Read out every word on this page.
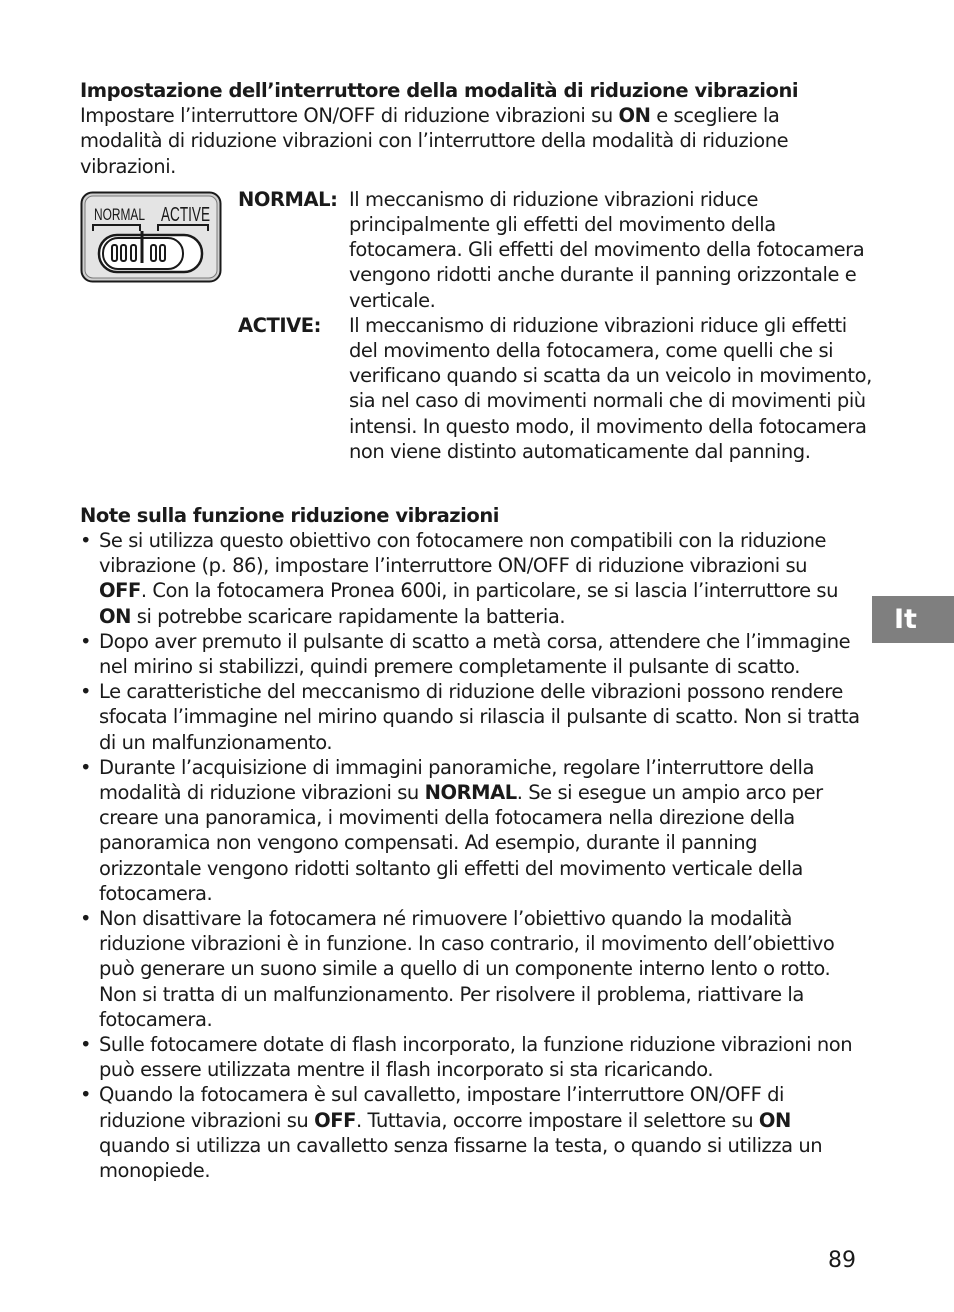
Impostazione dell’interruttore della modalità di riduzione vibrazioni

Impostare l’interruttore ON/OFF di riduzione vibrazioni su ON e scegliere la modalità di riduzione vibrazioni con l’interruttore della modalità di riduzione vibrazioni.

NORMAL ACTIVE
NORMAL: Il meccanismo di riduzione vibrazioni riduce principalmente gli effetti del movimento della fotocamera. Gli effetti del movimento della fotocamera vengono ridotti anche durante il panning orizzontale e verticale.
ACTIVE:	Il meccanismo di riduzione vibrazioni riduce gli effetti del movimento della fotocamera, come quelli che si verificano quando si scatta da un veicolo in movimento, sia nel caso di movimenti normali che di movimenti più intensi. In questo modo, il movimento della fotocamera non viene distinto automaticamente dal panning.

Note sulla funzione riduzione vibrazioni

• Se si utilizza questo obiettivo con fotocamere non compatibili con la riduzione vibrazione (p. 86), impostare l’interruttore ON/OFF di riduzione vibrazioni su OFF. Con la fotocamera Pronea 600i, in particolare, se si lascia l’interruttore su ON si potrebbe scaricare rapidamente la batteria.
• Dopo aver premuto il pulsante di scatto a metà corsa, attendere che l’immagine nel mirino si stabilizzi, quindi premere completamente il pulsante di scatto.
• Le caratteristiche del meccanismo di riduzione delle vibrazioni possono rendere sfocata l’immagine nel mirino quando si rilascia il pulsante di scatto. Non si tratta di un malfunzionamento.
• Durante l’acquisizione di immagini panoramiche, regolare l’interruttore della modalità di riduzione vibrazioni su NORMAL. Se si esegue un ampio arco per creare una panoramica, i movimenti della fotocamera nella direzione della panoramica non vengono compensati. Ad esempio, durante il panning orizzontale vengono ridotti soltanto gli effetti del movimento verticale della fotocamera.
• Non disattivare la fotocamera né rimuovere l’obiettivo quando la modalità riduzione vibrazioni è in funzione. In caso contrario, il movimento dell’obiettivo può generare un suono simile a quello di un componente interno lento o rotto. Non si tratta di un malfunzionamento. Per risolvere il problema, riattivare la fotocamera.
• Sulle fotocamere dotate di flash incorporato, la funzione riduzione vibrazioni non può essere utilizzata mentre il flash incorporato si sta ricaricando.
• Quando la fotocamera è sul cavalletto, impostare l’interruttore ON/OFF di riduzione vibrazioni su OFF. Tuttavia, occorre impostare il selettore su ON quando si utilizza un cavalletto senza fissarne la testa, o quando si utilizza un monopiede.
It
89
